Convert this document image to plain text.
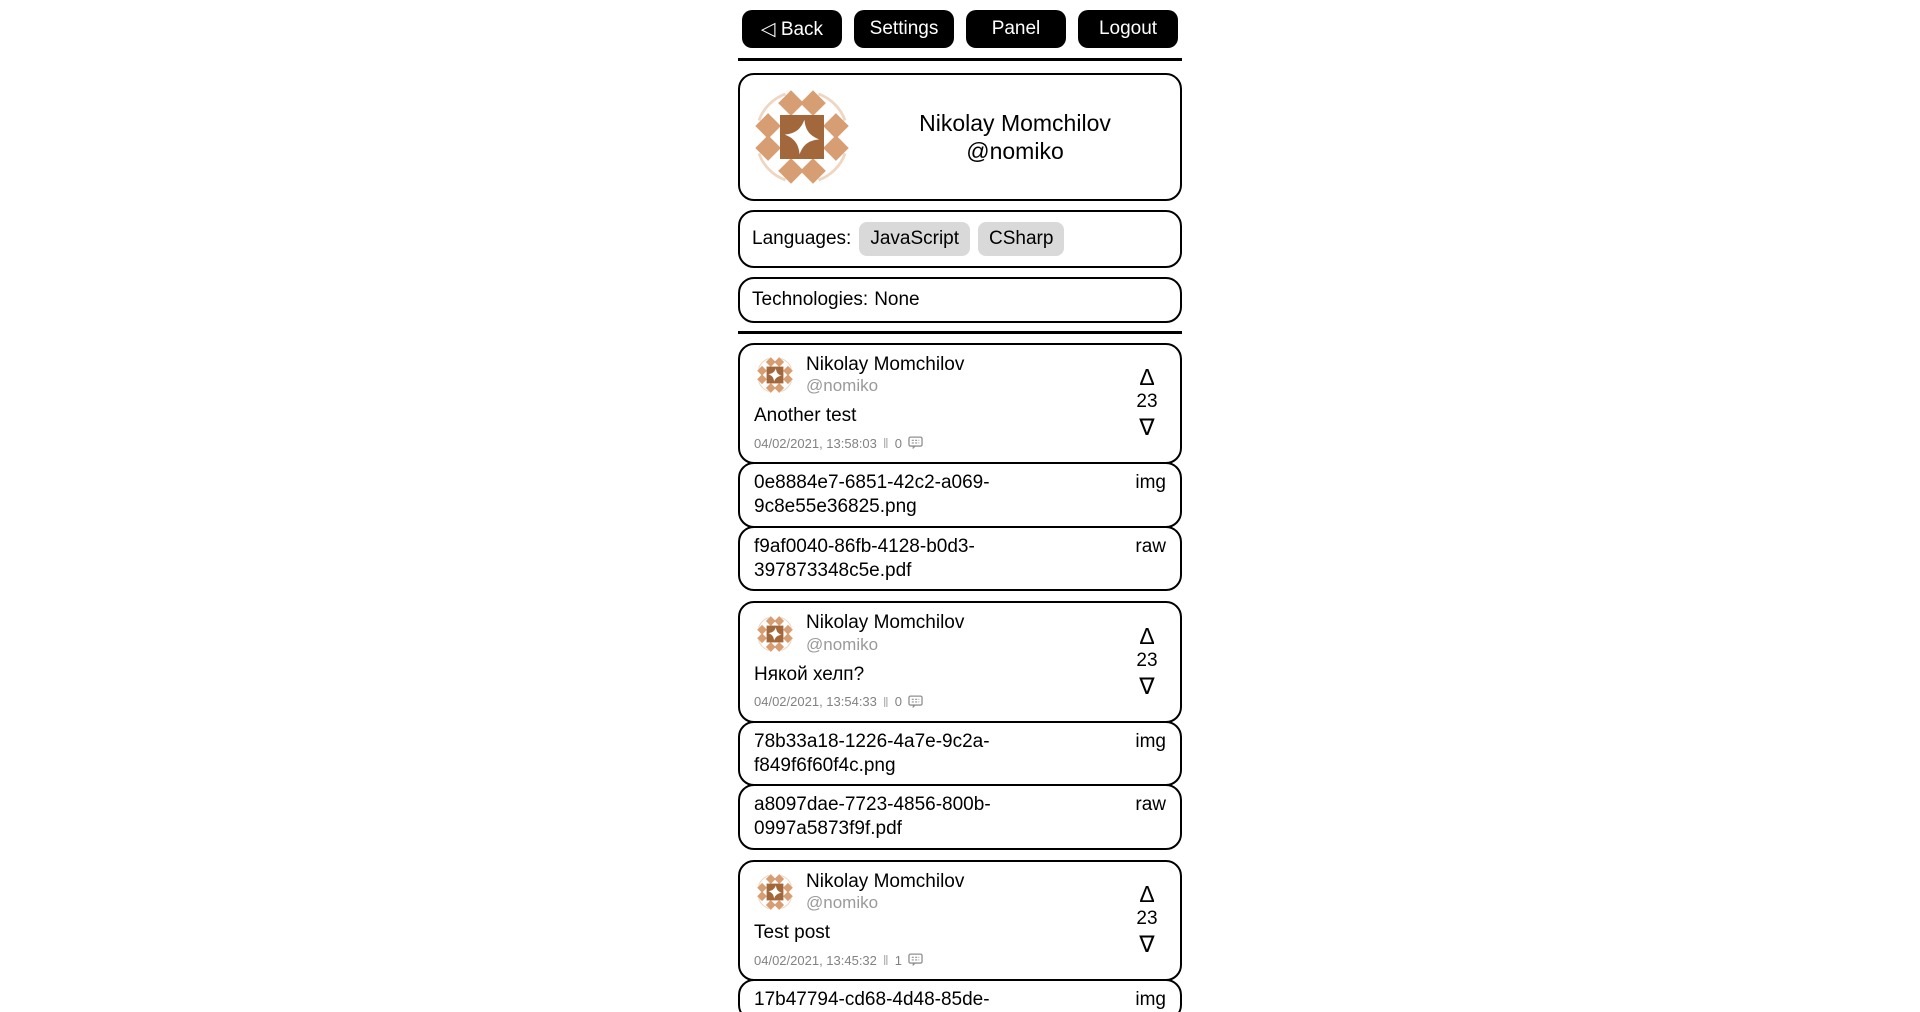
◁ Back	Settings	Panel	Logout
Nikolay Momchilov
@nomiko
Languages:	JavaScript	CSharp
Technologies: None
Nikolay Momchilov
@nomiko
Another test
04/02/2021, 13:58:03 ‖ 0
Δ
23
∇
0e8884e7-6851-42c2-a069-9c8e55e36825.png
img
f9af0040-86fb-4128-b0d3-397873348c5e.pdf
raw
Nikolay Momchilov
@nomiko
Някой хелп?
04/02/2021, 13:54:33 ‖ 0
Δ
23
∇
78b33a18-1226-4a7e-9c2a-f849f6f60f4c.png
img
a8097dae-7723-4856-800b-0997a5873f9f.pdf
raw
Nikolay Momchilov
@nomiko
Test post
04/02/2021, 13:45:32 ‖ 1
Δ
23
∇
17b47794-cd68-4d48-85de-	img
